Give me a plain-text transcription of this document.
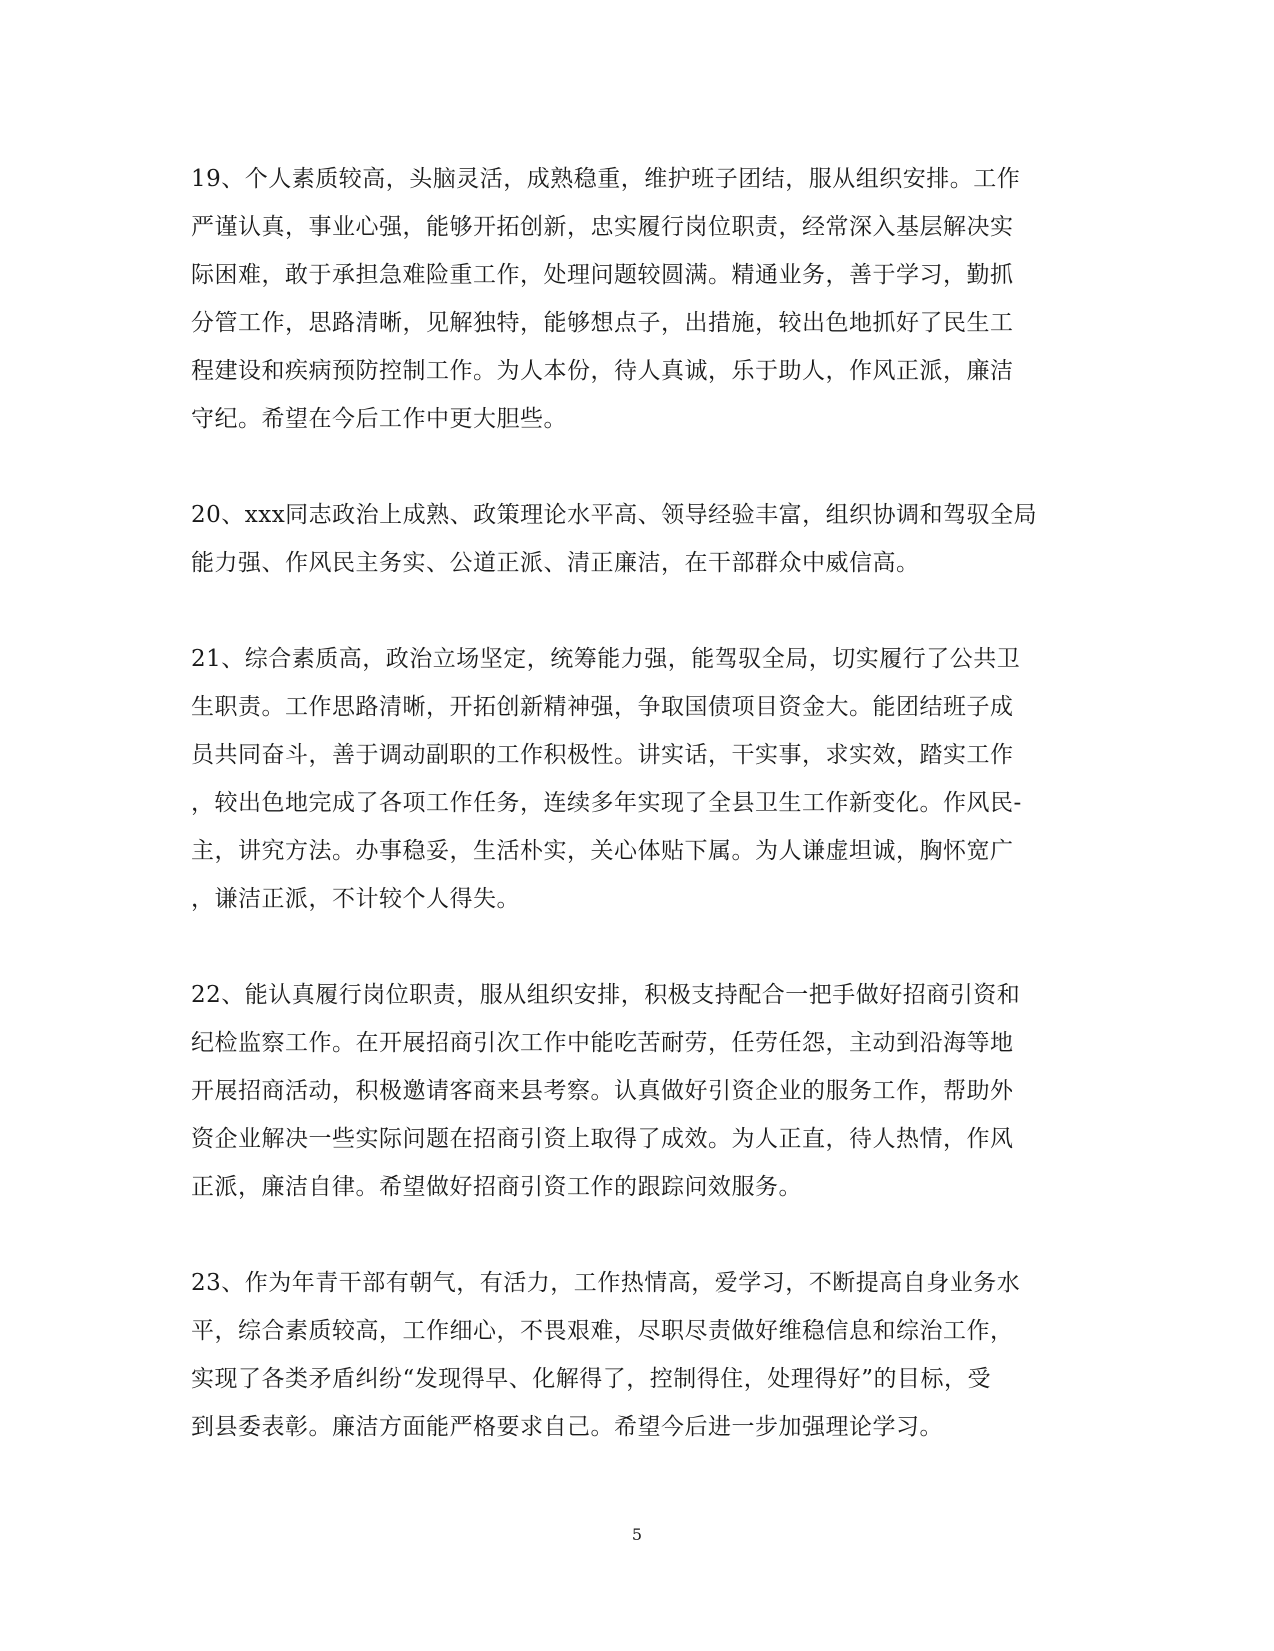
19、个人素质较高，头脑灵活，成熟稳重，维护班子团结，服从组织安排。工作
严谨认真，事业心强，能够开拓创新，忠实履行岗位职责，经常深入基层解决实
际困难，敢于承担急难险重工作，处理问题较圆满。精通业务，善于学习，勤抓
分管工作，思路清晰，见解独特，能够想点子，出措施，较出色地抓好了民生工
程建设和疾病预防控制工作。为人本份，待人真诚，乐于助人，作风正派，廉洁
守纪。希望在今后工作中更大胆些。
20、xxx同志政治上成熟、政策理论水平高、领导经验丰富，组织协调和驾驭全局
能力强、作风民主务实、公道正派、清正廉洁，在干部群众中威信高。
21、综合素质高，政治立场坚定，统筹能力强，能驾驭全局，切实履行了公共卫
生职责。工作思路清晰，开拓创新精神强，争取国债项目资金大。能团结班子成
员共同奋斗，善于调动副职的工作积极性。讲实话，干实事，求实效，踏实工作
，较出色地完成了各项工作任务，连续多年实现了全县卫生工作新变化。作风民-
主，讲究方法。办事稳妥，生活朴实，关心体贴下属。为人谦虚坦诚，胸怀宽广
，谦洁正派，不计较个人得失。
22、能认真履行岗位职责，服从组织安排，积极支持配合一把手做好招商引资和
纪检监察工作。在开展招商引次工作中能吃苦耐劳，任劳任怨，主动到沿海等地
开展招商活动，积极邀请客商来县考察。认真做好引资企业的服务工作，帮助外
资企业解决一些实际问题在招商引资上取得了成效。为人正直，待人热情，作风
正派，廉洁自律。希望做好招商引资工作的跟踪问效服务。
23、作为年青干部有朝气，有活力，工作热情高，爱学习，不断提高自身业务水
平，综合素质较高，工作细心，不畏艰难，尽职尽责做好维稳信息和综治工作，
实现了各类矛盾纠纷“发现得早、化解得了，控制得住，处理得好”的目标，受
到县委表彰。廉洁方面能严格要求自己。希望今后进一步加强理论学习。
5
